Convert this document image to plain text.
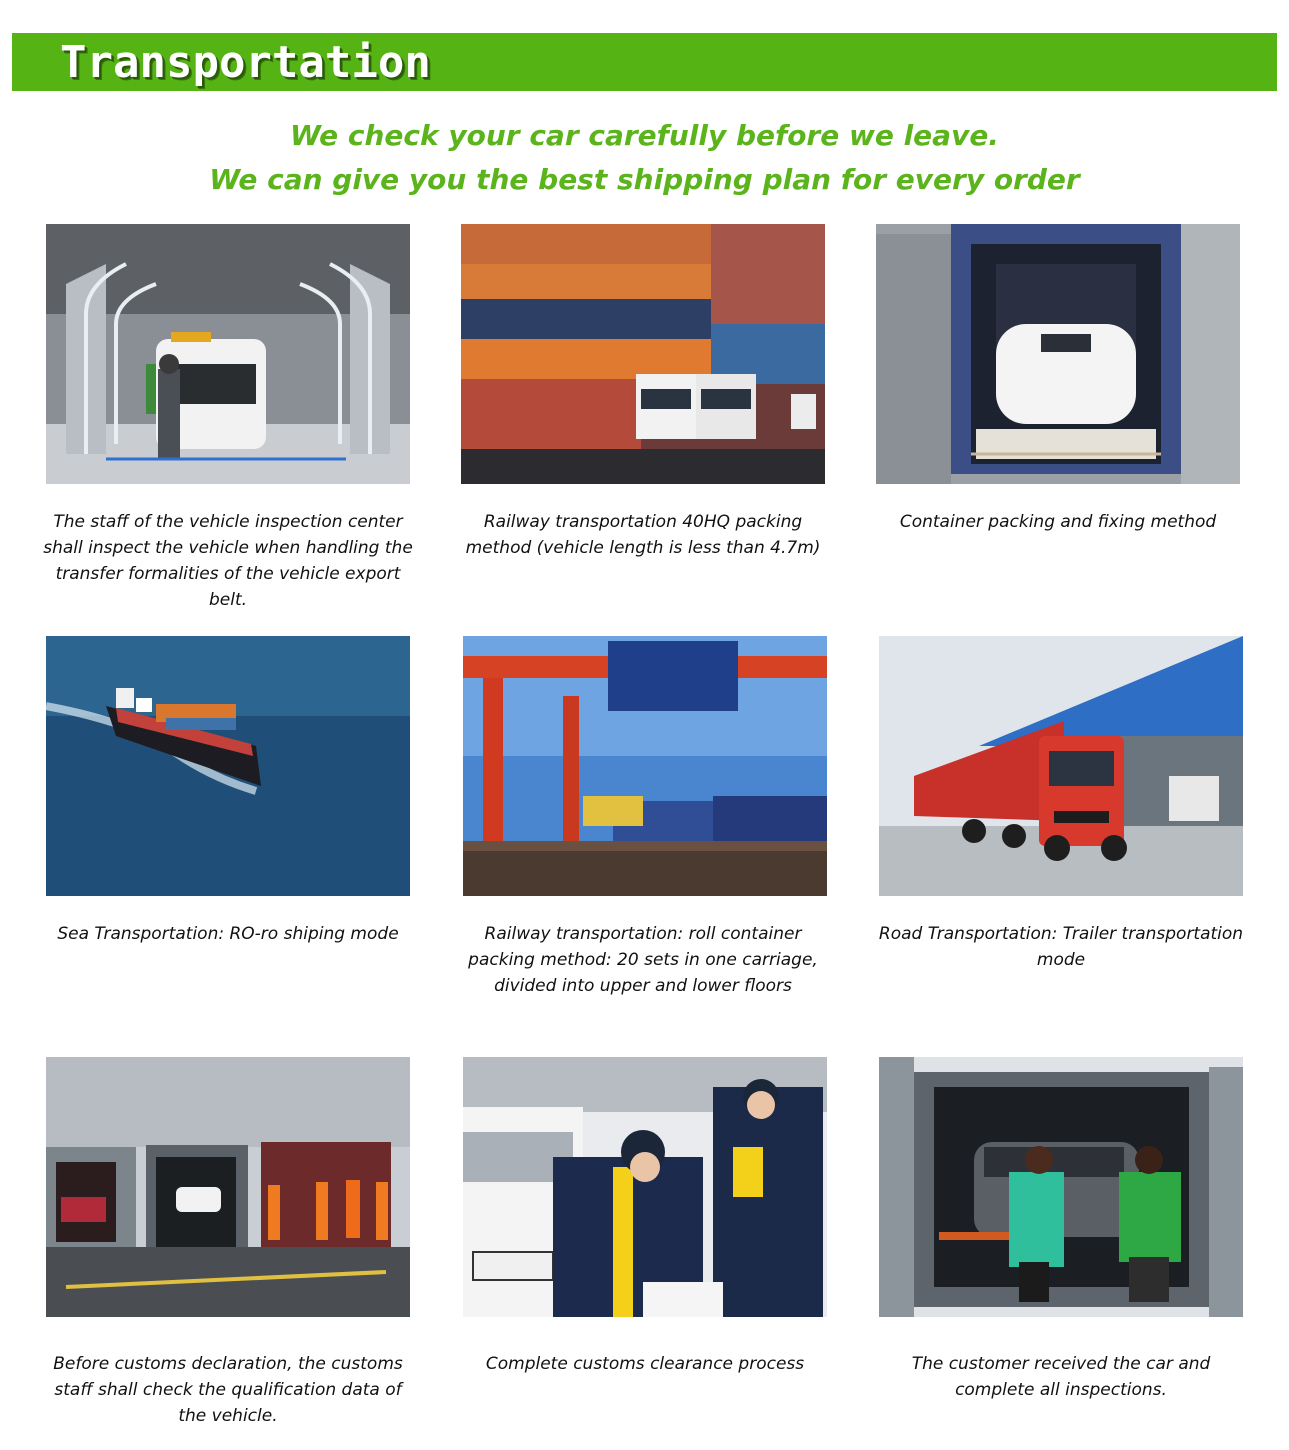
Transportation
We check your car carefully before we leave.
We can give you the best shipping plan for every order
The staff of the vehicle inspection center shall inspect the vehicle when handling the transfer formalities of the vehicle export belt.
Railway transportation 40HQ packing method (vehicle length is less than 4.7m)
Container packing and fixing method
Sea Transportation: RO-ro shiping mode	Railway transportation: roll container packing method: 20 sets in one carriage, divided into upper and lower floors
Road Transportation: Trailer transportation mode
Before customs declaration, the customs staff shall check the qualification data of the vehicle.
Complete customs clearance process	The customer received the car and complete all inspections.
